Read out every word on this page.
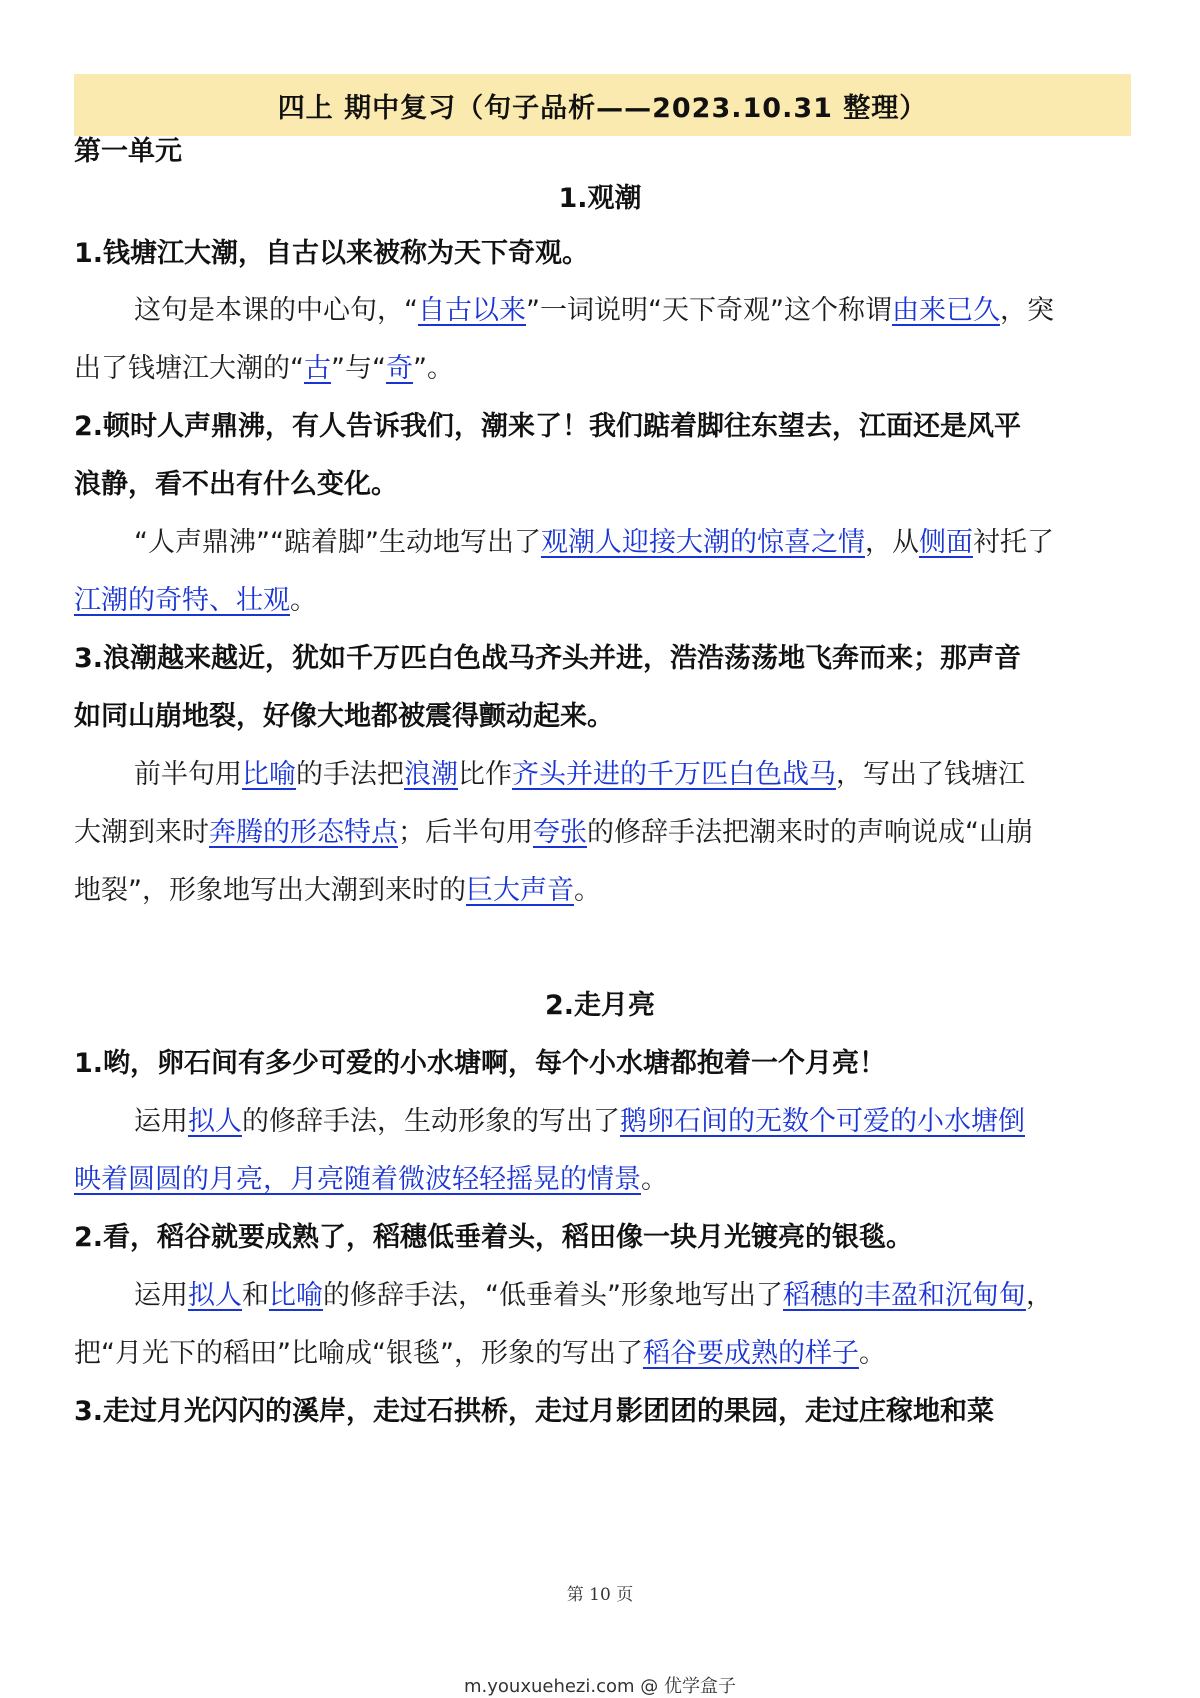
四上 期中复习（句子品析——2023.10.31 整理）
第一单元
1.观潮
1.钱塘江大潮，自古以来被称为天下奇观。
这句是本课的中心句，“自古以来”一词说明“天下奇观”这个称谓由来已久，突
出了钱塘江大潮的“古”与“奇”。
2.顿时人声鼎沸，有人告诉我们，潮来了！我们踮着脚往东望去，江面还是风平
浪静，看不出有什么变化。
“人声鼎沸”“踮着脚”生动地写出了观潮人迎接大潮的惊喜之情，从侧面衬托了
江潮的奇特、壮观。
3.浪潮越来越近，犹如千万匹白色战马齐头并进，浩浩荡荡地飞奔而来；那声音
如同山崩地裂，好像大地都被震得颤动起来。
前半句用比喻的手法把浪潮比作齐头并进的千万匹白色战马，写出了钱塘江
大潮到来时奔腾的形态特点；后半句用夸张的修辞手法把潮来时的声响说成“山崩
地裂”，形象地写出大潮到来时的巨大声音。
2.走月亮
1.哟，卵石间有多少可爱的小水塘啊，每个小水塘都抱着一个月亮！
运用拟人的修辞手法，生动形象的写出了鹅卵石间的无数个可爱的小水塘倒
映着圆圆的月亮，月亮随着微波轻轻摇晃的情景。
2.看，稻谷就要成熟了，稻穗低垂着头，稻田像一块月光镀亮的银毯。
运用拟人和比喻的修辞手法，“低垂着头”形象地写出了稻穗的丰盈和沉甸甸，
把“月光下的稻田”比喻成“银毯”，形象的写出了稻谷要成熟的样子。
3.走过月光闪闪的溪岸，走过石拱桥，走过月影团团的果园，走过庄稼地和菜
第 10 页
m.youxuehezi.com @ 优学盒子
